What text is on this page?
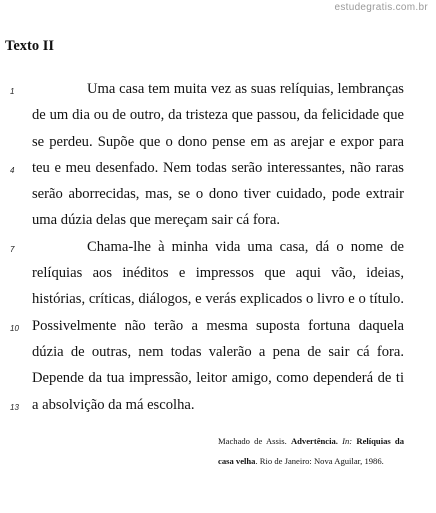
estudegratis.com.br
Texto II
1
4
7
10
13
Uma casa tem muita vez as suas relíquias, lembranças
de um dia ou de outro, da tristeza que passou, da felicidade que
se perdeu. Supõe que o dono pense em as arejar e expor para
teu e meu desenfado. Nem todas serão interessantes, não raras
serão aborrecidas, mas, se o dono tiver cuidado, pode extrair
uma dúzia delas que mereçam sair cá fora.
Chama-lhe à minha vida uma casa, dá o nome de
relíquias aos inéditos e impressos que aqui vão, ideias,
histórias, críticas, diálogos, e verás explicados o livro e o título.
Possivelmente não terão a mesma suposta fortuna daquela
dúzia de outras, nem todas valerão a pena de sair cá fora.
Depende da tua impressão, leitor amigo, como dependerá de ti
a absolvição da má escolha.
Machado de Assis. Advertência. In: Relíquias da
casa velha. Rio de Janeiro: Nova Aguilar, 1986.
